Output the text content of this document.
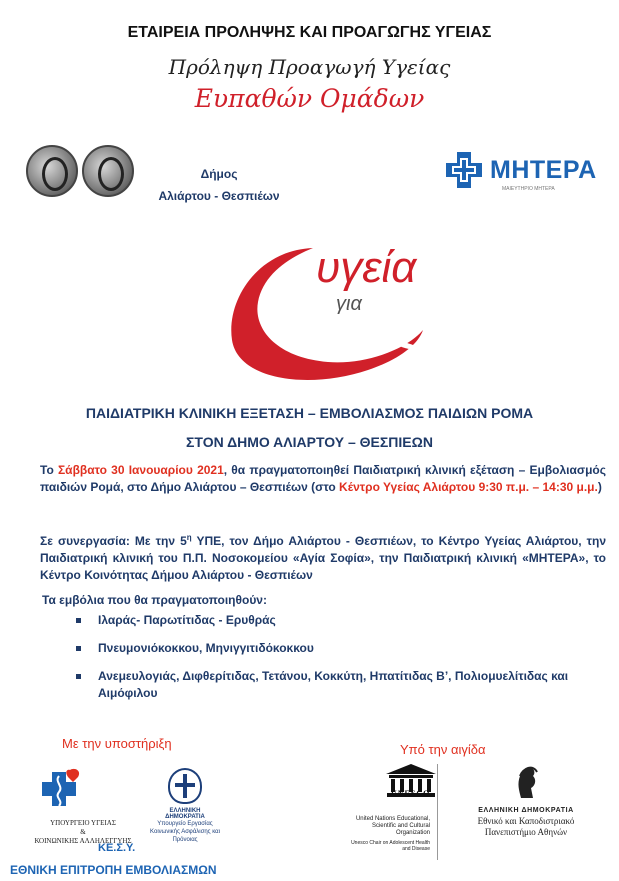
ΕΤΑΙΡΕΙΑ ΠΡΟΛΗΨΗΣ ΚΑΙ ΠΡΟΑΓΩΓΗΣ ΥΓΕΙΑΣ
Πρόληψη Προαγωγή Υγείας
Ευπαθών Ομάδων
Δήμος
Αλιάρτου - Θεσπιέων
ΜΗΤΕΡΑ
ΜΑΙΕΥΤΗΡΙΟ ΜΗΤΕΡΑ
υγεία
για
όλους
ΠΑΙΔΙΑΤΡΙΚΗ ΚΛΙΝΙΚΗ ΕΞΕΤΑΣΗ – ΕΜΒΟΛΙΑΣΜΟΣ ΠΑΙΔΙΩΝ ΡΟΜΑ
ΣΤΟΝ ΔΗΜΟ ΑΛΙΑΡΤΟΥ – ΘΕΣΠΙΕΩΝ
Το Σάββατο 30 Ιανουαρίου 2021, θα πραγματοποιηθεί Παιδιατρική κλινική εξέταση – Εμβολιασμός παιδιών Ρομά, στο Δήμο Αλιάρτου – Θεσπιέων (στο Κέντρο Υγείας Αλιάρτου 9:30 π.μ. – 14:30 μ.μ.)
Σε συνεργασία: Με την $5^\eta$ ΥΠΕ, τον Δήμο Αλιάρτου - Θεσπιέων, το Κέντρο Υγείας Αλιάρτου, την Παιδιατρική κλινική του Π.Π. Νοσοκομείου «Αγία Σοφία», την Παιδιατρική κλινική «ΜΗΤΕΡΑ», το Κέντρο Κοινότητας Δήμου Αλιάρτου - Θεσπιέων
Τα εμβόλια που θα πραγματοποιηθούν:
Ιλαράς- Παρωτίτιδας - Ερυθράς
Πνευμονιόκοκκου, Μηνιγγιτιδόκοκκου
Ανεμευλογιάς, Διφθερίτιδας, Τετάνου, Κοκκύτη, Ηπατίτιδας Β’, Πολιομυελίτιδας και Αιμόφιλου
Με την υποστήριξη	Υπό την αιγίδα
ΥΠΟΥΡΓΕΙΟ ΥΓΕΙΑΣ
&
ΚΟΙΝΩΝΙΚΗΣ ΑΛΛΗΛΕΓΓΥΗΣ
ΕΛΛΗΝΙΚΗ ΔΗΜΟΚΡΑΤΙΑ
Υπουργείο Εργασίας Κοινωνικής Ασφάλισης και Πρόνοιας
ΚΕ.Σ.Υ.
ΕΘΝΙΚΗ ΕΠΙΤΡΟΠΗ ΕΜΒΟΛΙΑΣΜΩΝ
UNESCO
United Nations Educational, Scientific and Cultural Organization
Unesco Chair on Adolescent Health and Disease
ΕΛΛΗΝΙΚΗ ΔΗΜΟΚΡΑΤΙΑ
Εθνικό και Καποδιστριακό
Πανεπιστήμιο Αθηνών
